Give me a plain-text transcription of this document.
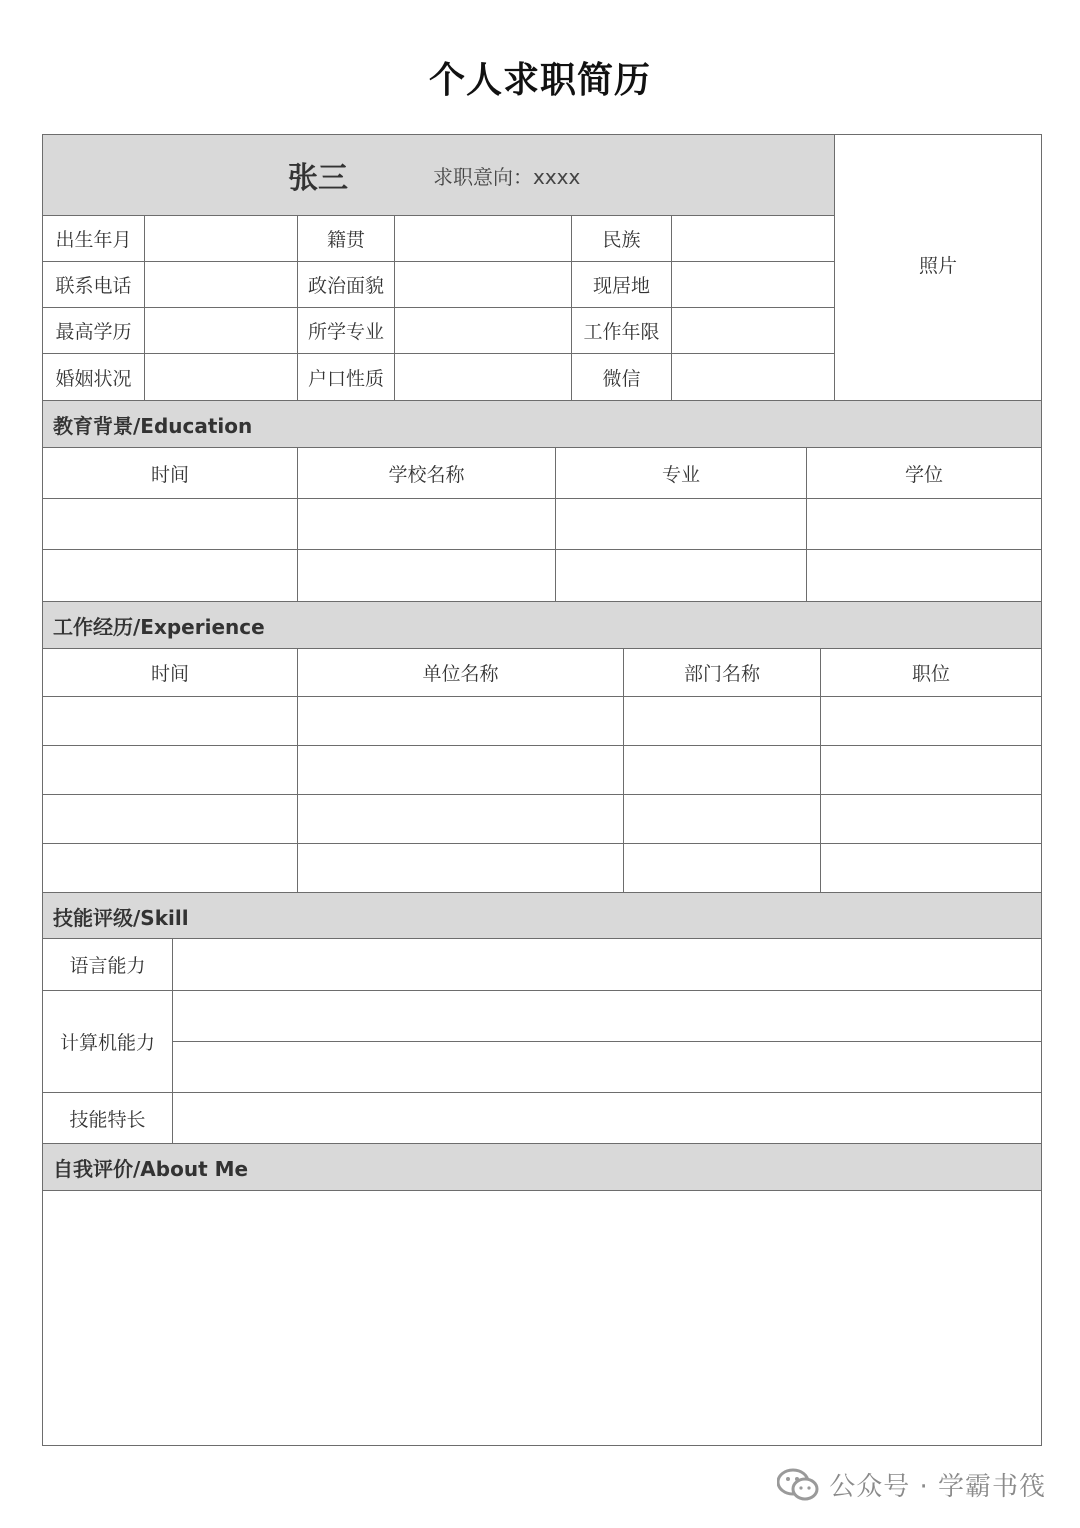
个人求职简历
张三	求职意向：xxxx
照片
出生年月	籍贯	民族
联系电话	政治面貌	现居地
最高学历	所学专业	工作年限
婚姻状况	户口性质	微信
教育背景/Education
时间	学校名称	专业	学位
工作经历/Experience
时间	单位名称	部门名称	职位
技能评级/Skill
语言能力
计算机能力
技能特长
自我评价/About Me
公众号 · 学霸书筏
